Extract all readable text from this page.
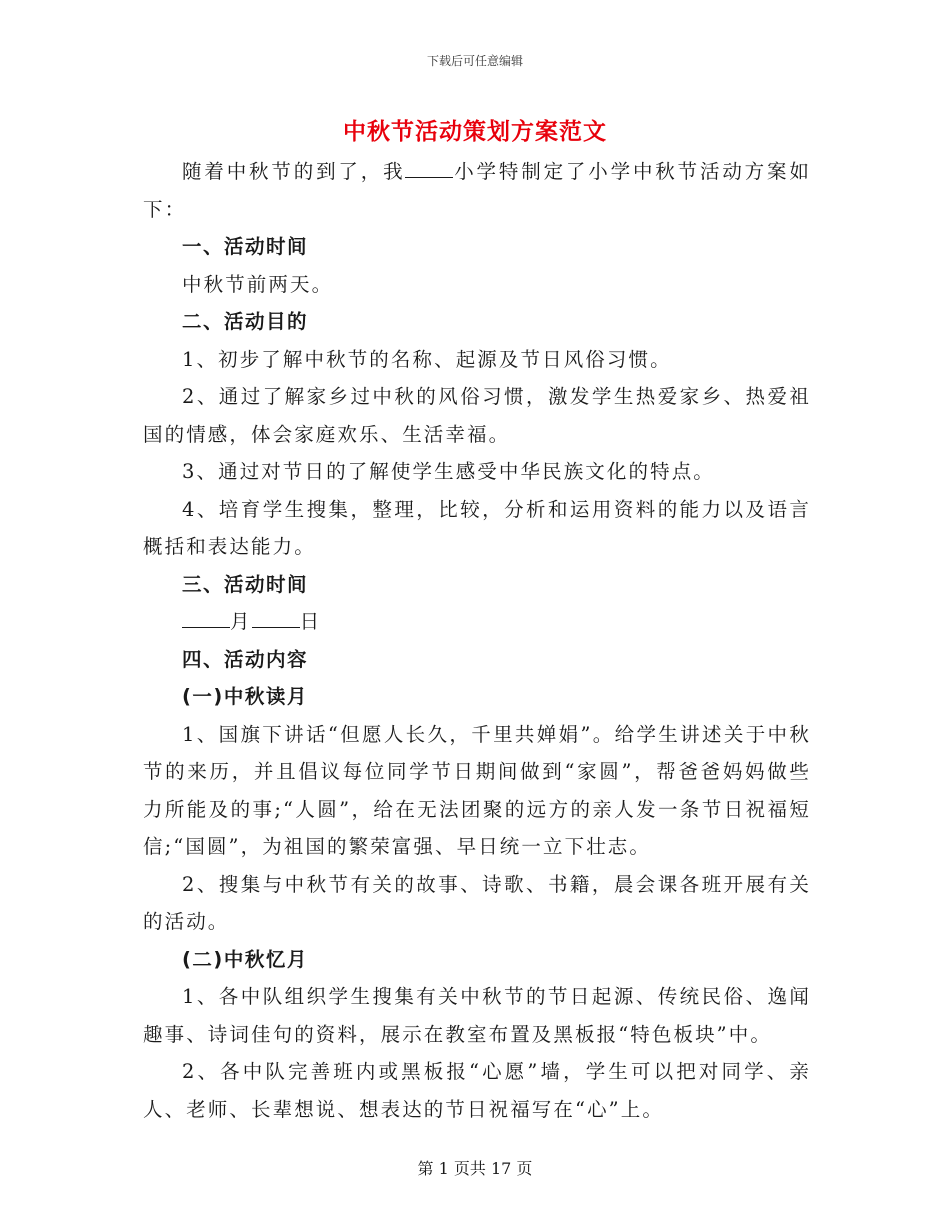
下载后可任意编辑
中秋节活动策划方案范文

随着中秋节的到了，我 小学特制定了小学中秋节活动方案如下：

一、活动时间

中秋节前两天。

二、活动目的

1、初步了解中秋节的名称、起源及节日风俗习惯。

2、通过了解家乡过中秋的风俗习惯，激发学生热爱家乡、热爱祖国的情感，体会家庭欢乐、生活幸福。

3、通过对节日的了解使学生感受中华民族文化的特点。

4、培育学生搜集，整理，比较，分析和运用资料的能力以及语言概括和表达能力。

三、活动时间

月 日

四、活动内容

(一)中秋读月

1、国旗下讲话“但愿人长久，千里共婵娟”。给学生讲述关于中秋节的来历，并且倡议每位同学节日期间做到“家圆”，帮爸爸妈妈做些力所能及的事;“人圆”，给在无法团聚的远方的亲人发一条节日祝福短信;“国圆”，为祖国的繁荣富强、早日统一立下壮志。

2、搜集与中秋节有关的故事、诗歌、书籍，晨会课各班开展有关的活动。

(二)中秋忆月

1、各中队组织学生搜集有关中秋节的节日起源、传统民俗、逸闻趣事、诗词佳句的资料，展示在教室布置及黑板报“特色板块”中。

2、各中队完善班内或黑板报“心愿”墙，学生可以把对同学、亲人、老师、长辈想说、想表达的节日祝福写在“心”上。

第 1 页共 17 页
